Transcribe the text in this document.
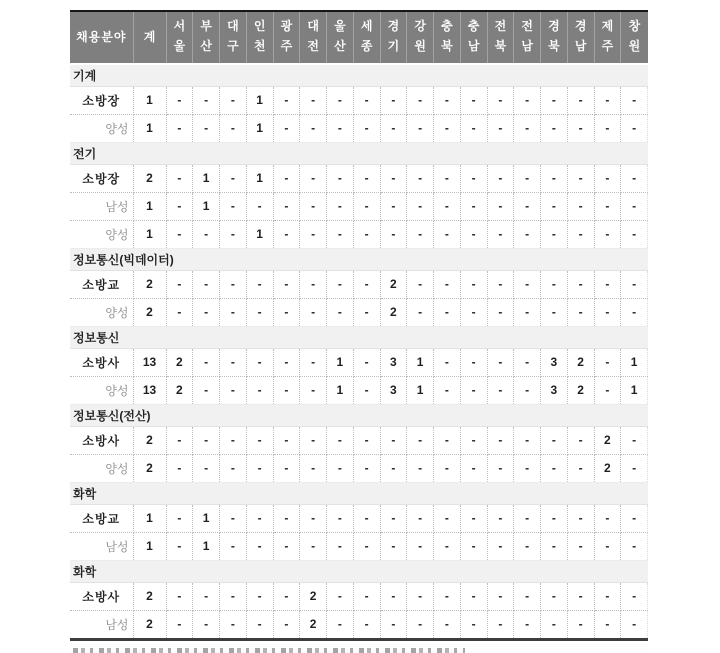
채용분야	계	서울	부산	대구	인천	광주	대전	울산	세종	경기	강원	충북	충남	전북	전남	경북	경남	제주	창원
기계																			
소방장	1	-	-	-	1	-	-	-	-	-	-	-	-	-	-	-	-	-	-
양성	1	-	-	-	1	-	-	-	-	-	-	-	-	-	-	-	-	-	-
전기																			
소방장	2	-	1	-	1	-	-	-	-	-	-	-	-	-	-	-	-	-	-
남성	1	-	1	-	-	-	-	-	-	-	-	-	-	-	-	-	-	-	-
양성	1	-	-	-	1	-	-	-	-	-	-	-	-	-	-	-	-	-	-
정보통신(빅데이터)																			
소방교	2	-	-	-	-	-	-	-	-	2	-	-	-	-	-	-	-	-	-
양성	2	-	-	-	-	-	-	-	-	2	-	-	-	-	-	-	-	-	-
정보통신																			
소방사	13	2	-	-	-	-	-	1	-	3	1	-	-	-	-	3	2	-	1
양성	13	2	-	-	-	-	-	1	-	3	1	-	-	-	-	3	2	-	1
정보통신(전산)																			
소방사	2	-	-	-	-	-	-	-	-	-	-	-	-	-	-	-	-	2	-
양성	2	-	-	-	-	-	-	-	-	-	-	-	-	-	-	-	-	2	-
화학																			
소방교	1	-	1	-	-	-	-	-	-	-	-	-	-	-	-	-	-	-	-
남성	1	-	1	-	-	-	-	-	-	-	-	-	-	-	-	-	-	-	-
화학																			
소방사	2	-	-	-	-	-	2	-	-	-	-	-	-	-	-	-	-	-	-
남성	2	-	-	-	-	-	2	-	-	-	-	-	-	-	-	-	-	-	-
